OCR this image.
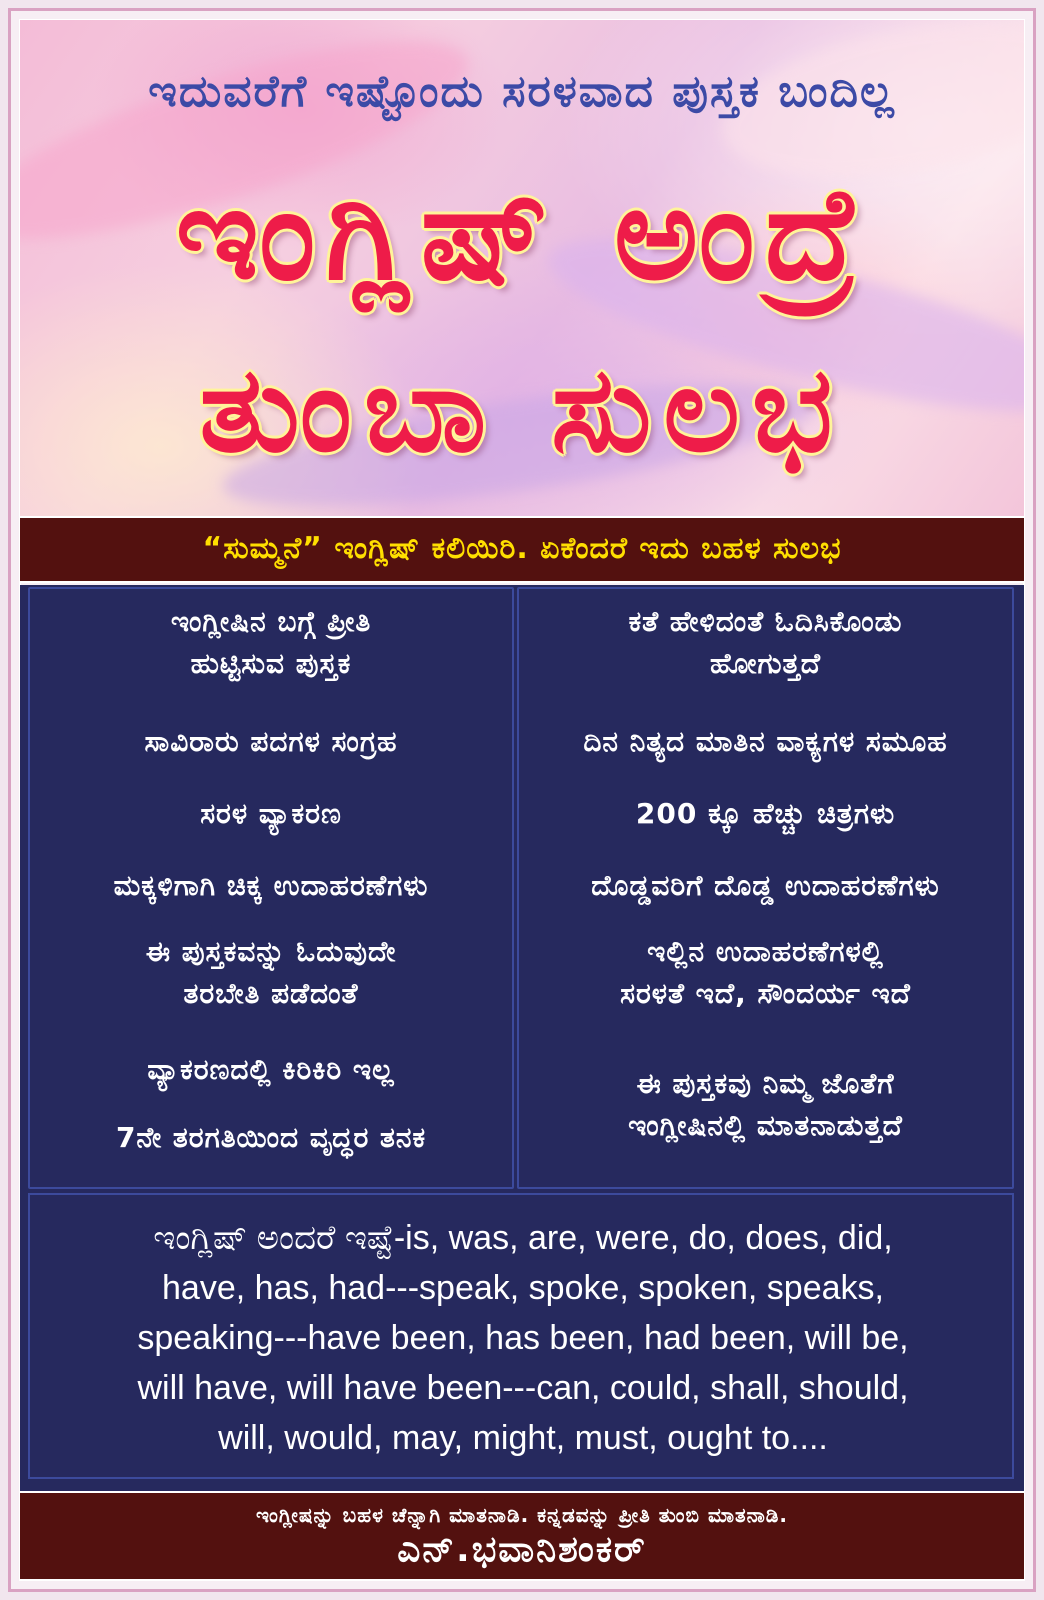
ಇದುವರೆಗೆ ಇಷ್ಟೊಂದು ಸರಳವಾದ ಪುಸ್ತಕ ಬಂದಿಲ್ಲ
ಇಂಗ್ಲಿಷ್ ಅಂದ್ರೆ
ತುಂಬಾ ಸುಲಭ
“ಸುಮ್ಮನೆ” ಇಂಗ್ಲಿಷ್ ಕಲಿಯಿರಿ. ಏಕೆಂದರೆ ಇದು ಬಹಳ ಸುಲಭ
ಇಂಗ್ಲೀಷಿನ ಬಗ್ಗೆ ಪ್ರೀತಿ
ಹುಟ್ಟಿಸುವ ಪುಸ್ತಕ
ಸಾವಿರಾರು ಪದಗಳ ಸಂಗ್ರಹ
ಸರಳ ವ್ಯಾಕರಣ
ಮಕ್ಕಳಿಗಾಗಿ ಚಿಕ್ಕ ಉದಾಹರಣೆಗಳು
ಈ ಪುಸ್ತಕವನ್ನು ಓದುವುದೇ
ತರಬೇತಿ ಪಡೆದಂತೆ
ವ್ಯಾಕರಣದಲ್ಲಿ ಕಿರಿಕಿರಿ ಇಲ್ಲ
7ನೇ ತರಗತಿಯಿಂದ ವೃದ್ಧರ ತನಕ
ಕತೆ ಹೇಳಿದಂತೆ ಓದಿಸಿಕೊಂಡು
ಹೋಗುತ್ತದೆ
ದಿನ ನಿತ್ಯದ ಮಾತಿನ ವಾಕ್ಯಗಳ ಸಮೂಹ
200 ಕ್ಕೂ ಹೆಚ್ಚು ಚಿತ್ರಗಳು
ದೊಡ್ಡವರಿಗೆ ದೊಡ್ಡ ಉದಾಹರಣೆಗಳು
ಇಲ್ಲಿನ ಉದಾಹರಣೆಗಳಲ್ಲಿ
ಸರಳತೆ ಇದೆ, ಸೌಂದರ್ಯ ಇದೆ
ಈ ಪುಸ್ತಕವು ನಿಮ್ಮ ಜೊತೆಗೆ
ಇಂಗ್ಲೀಷಿನಲ್ಲಿ ಮಾತನಾಡುತ್ತದೆ
ಇಂಗ್ಲಿಷ್ ಅಂದರೆ ಇಷ್ಟೆ-is, was, are, were, do, does, did,
have, has, had---speak, spoke, spoken, speaks,
speaking---have been, has been, had been, will be,
will have, will have been---can, could, shall, should,
will, would, may, might, must, ought to....
ಇಂಗ್ಲೀಷನ್ನು ಬಹಳ ಚೆನ್ನಾಗಿ ಮಾತನಾಡಿ. ಕನ್ನಡವನ್ನು ಪ್ರೀತಿ ತುಂಬಿ ಮಾತನಾಡಿ.
ಎನ್.ಭವಾನಿಶಂಕರ್
